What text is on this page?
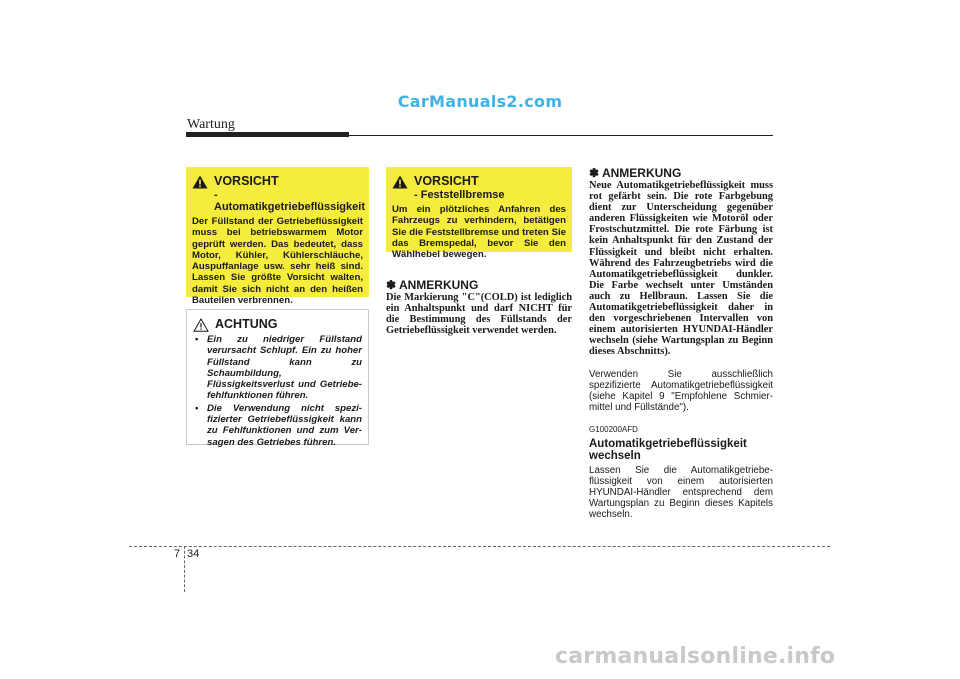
CarManuals2.com
Wartung
VORSICHT
- Automatikgetriebeflüssigkeit
Der Füllstand der Getriebeflüssigkeit muss bei betriebswarmem Motor geprüft werden. Das bedeutet, dass Motor, Kühler, Kühlerschläuche, Auspuffanlage usw. sehr heiß sind. Lassen Sie größte Vorsicht walten, damit Sie sich nicht an den heißen Bauteilen verbrennen.
ACHTUNG
• Ein zu niedriger Füllstand verursacht Schlupf. Ein zu hoher Füllstand kann zu Schaumbildung, Flüssigkeitsverlust und Getriebe-fehlfunktionen führen.
• Die Verwendung nicht spezi-fizierter Getriebeflüssigkeit kann zu Fehlfunktionen und zum Ver-sagen des Getriebes führen.
VORSICHT
- Feststellbremse
Um ein plötzliches Anfahren des Fahrzeugs zu verhindern, betätigen Sie die Feststellbremse und treten Sie das Bremspedal, bevor Sie den Wählhebel bewegen.
✽ ANMERKUNG
Die Markierung "C"(COLD) ist lediglich ein Anhaltspunkt und darf NICHT für die Bestimmung des Füllstands der Getriebeflüssigkeit verwendet werden.
✽ ANMERKUNG
Neue Automatikgetriebeflüssigkeit muss rot gefärbt sein. Die rote Farbgebung dient zur Unterscheidung gegenüber anderen Flüssigkeiten wie Motoröl oder Frostschutzmittel. Die rote Färbung ist kein Anhaltspunkt für den Zustand der Flüssigkeit und bleibt nicht erhalten. Während des Fahrzeugbetriebs wird die Automatikgetriebeflüssigkeit dunkler. Die Farbe wechselt unter Umständen auch zu Hellbraun. Lassen Sie die Automatikgetriebeflüssigkeit daher in den vorgeschriebenen Intervallen von einem autorisierten HYUNDAI-Händler wechseln (siehe Wartungsplan zu Beginn dieses Abschnitts).
Verwenden Sie ausschließlich spezifizierte Automatikgetriebeflüssigkeit (siehe Kapitel 9 "Empfohlene Schmier-mittel und Füllstände").
G100200AFD
Automatikgetriebeflüssigkeit wechseln
Lassen Sie die Automatikgetriebe-flüssigkeit von einem autorisierten HYUNDAI-Händler entsprechend dem Wartungsplan zu Beginn dieses Kapitels wechseln.
7 34
carmanualsonline.info
